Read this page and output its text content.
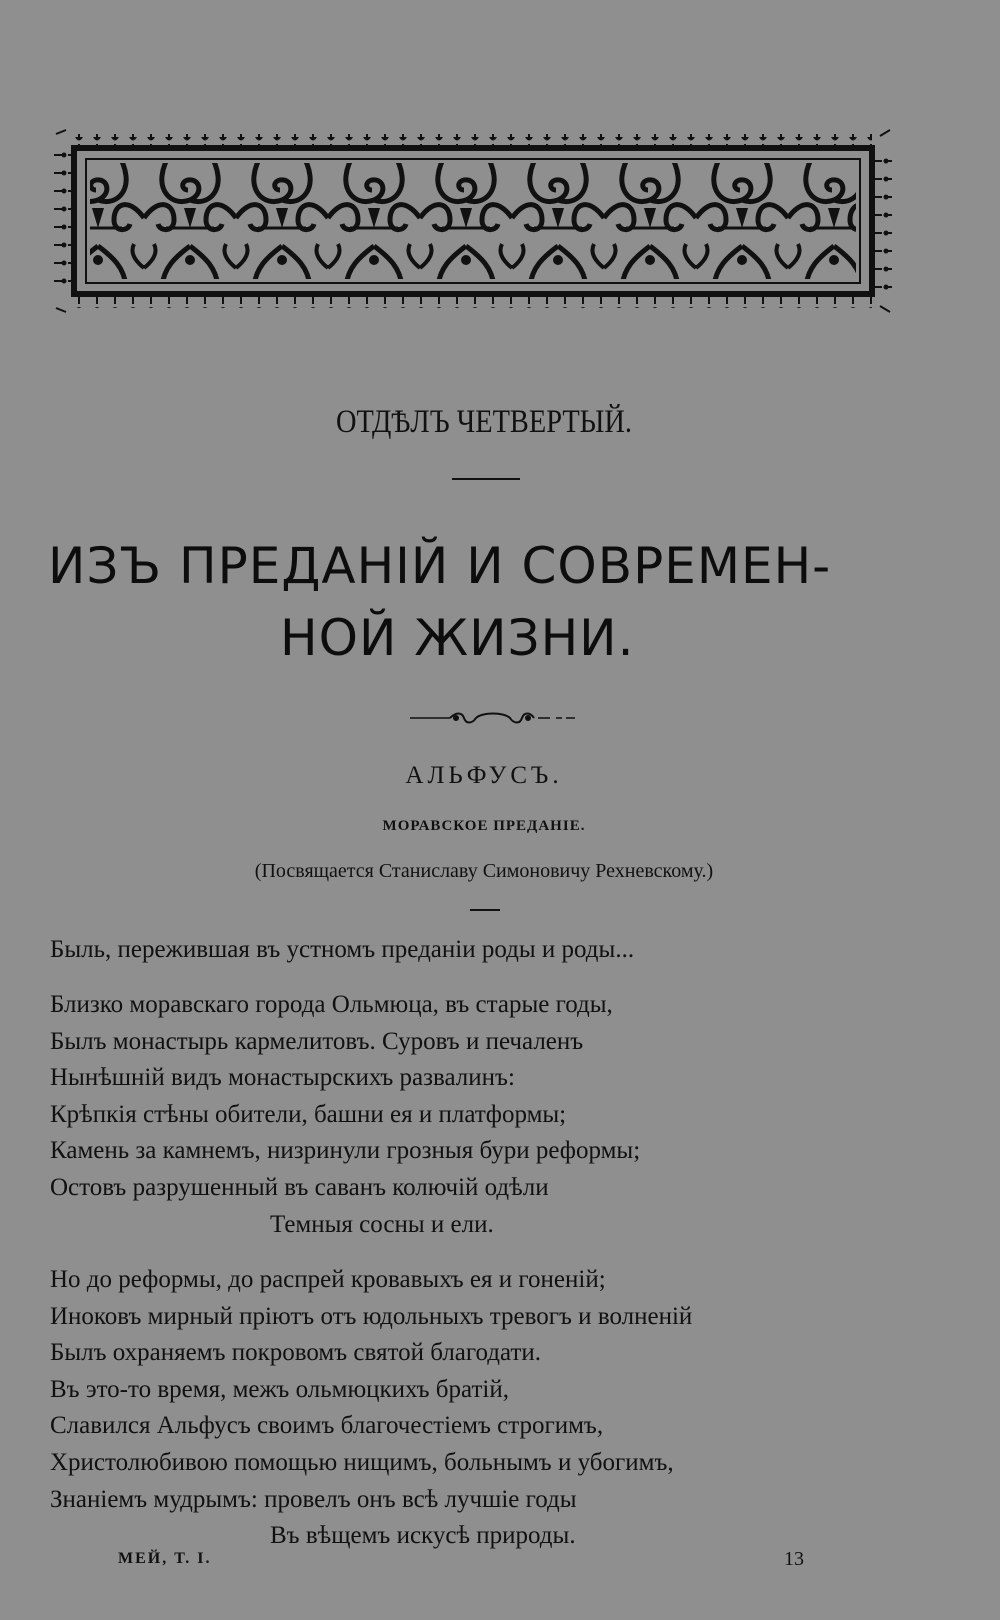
ОТДѢЛЪ ЧЕТВЕРТЫЙ.
ИЗЪ ПРЕДАНІЙ И СОВРЕМЕН-
НОЙ ЖИЗНИ.
АЛЬФУСЪ.
МОРАВСКОЕ ПРЕДАНІЕ.
(Посвящается Станиславу Симоновичу Рехневскому.)
Быль, пережившая въ устномъ преданіи роды и роды...
Близко моравскаго города Ольмюца, въ старые годы,
Былъ монастырь кармелитовъ. Суровъ и печаленъ
Нынѣшній видъ монастырскихъ развалинъ:
Крѣпкія стѣны обители, башни ея и платформы;
Камень за камнемъ, низринули грозныя бури реформы;
Остовъ разрушенный въ саванъ колючій одѣли
Темныя сосны и ели.
Но до реформы, до распрей кровавыхъ ея и гоненій;
Иноковъ мирный пріютъ отъ юдольныхъ тревогъ и волненій
Былъ охраняемъ покровомъ святой благодати.
Въ это-то время, межъ ольмюцкихъ братій,
Славился Альфусъ своимъ благочестіемъ строгимъ,
Христолюбивою помощью нищимъ, больнымъ и убогимъ,
Знаніемъ мудрымъ: провелъ онъ всѣ лучшіе годы
Въ вѣщемъ искусѣ природы.
МЕЙ, Т. I.	13
